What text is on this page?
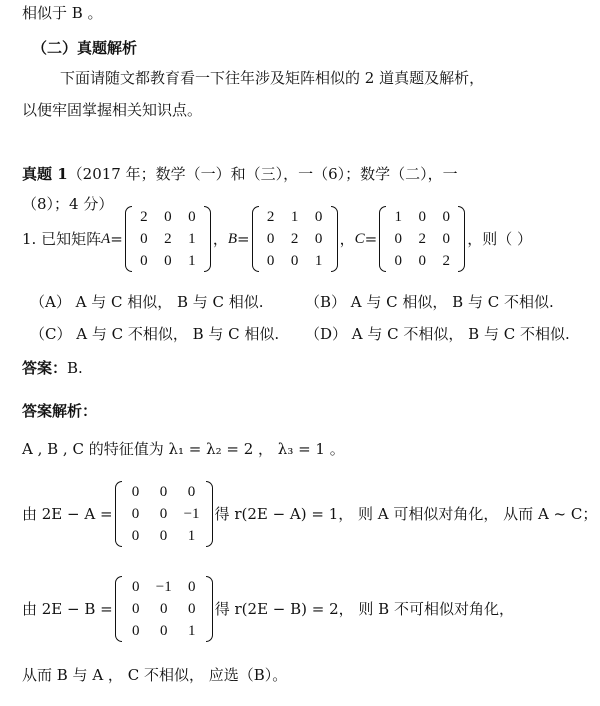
相似于 B 。
（二）真题解析
下面请随文都教育看一下往年涉及矩阵相似的 2 道真题及解析，
以便牢固掌握相关知识点。
真题 1（2017 年；数学（一）和（三），一（6）；数学（二），一
（8）；4 分）
1. 已知矩阵 A =
2	0	0
0	2	1
0	0	1
， B =
2	1	0
0	2	0
0	0	1
， C =
1	0	0
0	2	0
0	0	2
，则（ ）
（A） A 与 C 相似， B 与 C 相似.	（B） A 与 C 相似， B 与 C 不相似.
（C） A 与 C 不相似， B 与 C 相似. （D） A 与 C 不相似， B 与 C 不相似.
答案：B.
答案解析：
A , B , C 的特征值为 λ₁ = λ₂ = 2 ， λ₃ = 1 。
由 2E − A =
0	0	0
0	0	−1
0	0	1
得 r(2E − A) = 1， 则 A 可相似对角化， 从而 A ~ C；
由 2E − B =
0	−1	0
0	0	0
0	0	1
得 r(2E − B) = 2， 则 B 不可相似对角化，
从而 B 与 A ， C 不相似， 应选（B）。
